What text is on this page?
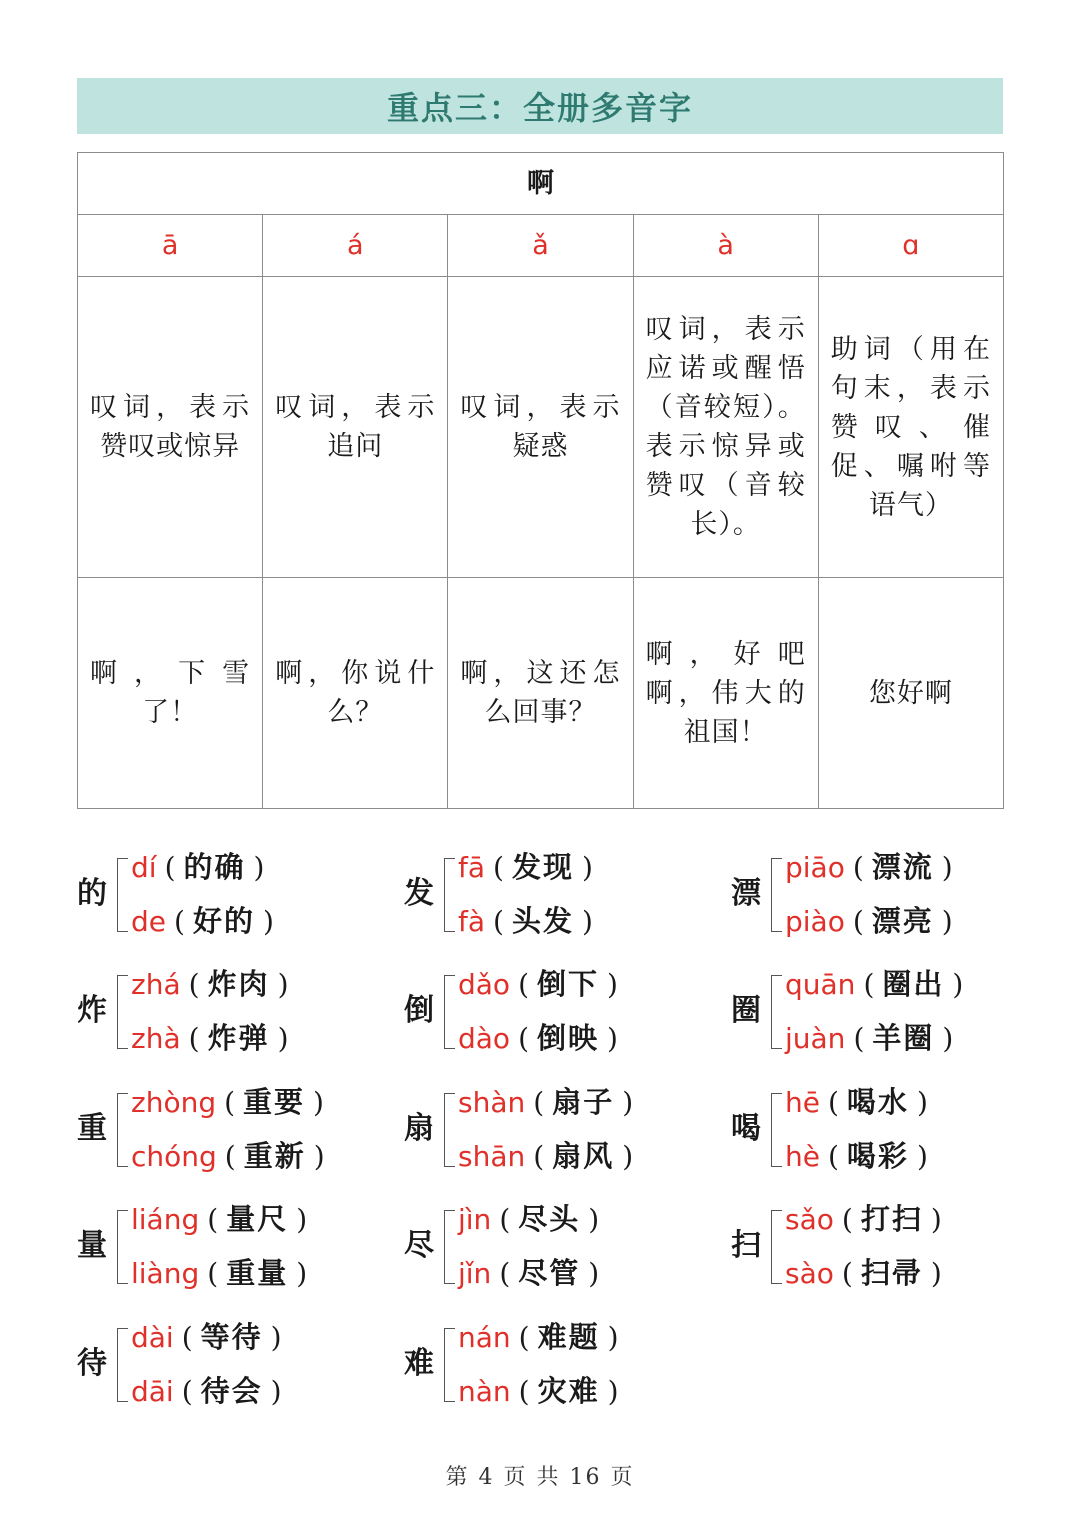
重点三：全册多音字
啊				
ā	á	ǎ	à	ɑ
叹词，表示赞叹或惊异	叹词，表示追问	叹词，表示疑惑	叹词，表示应诺或醒悟（音较短）。表示惊异或赞叹（音较长）。	助词（用在句末，表示赞叹、催促、嘱咐等语气）
啊，下雪了！	啊，你说什么？	啊，这还怎么回事？	啊，好吧啊，伟大的祖国！	您好啊
的
dí ( 的确 )
de ( 好的 )
发
fā ( 发现 )
fà ( 头发 )
漂
piāo ( 漂流 )
piào ( 漂亮 )
炸
zhá ( 炸肉 )
zhà ( 炸弹 )
倒
dǎo ( 倒下 )
dào ( 倒映 )
圈
quān ( 圈出 )
juàn ( 羊圈 )
重
zhòng ( 重要 )
chóng ( 重新 )
扇
shàn ( 扇子 )
shān ( 扇风 )
喝
hē ( 喝水 )
hè ( 喝彩 )
量
liáng ( 量尺 )
liàng ( 重量 )
尽
jìn ( 尽头 )
jǐn ( 尽管 )
扫
sǎo ( 打扫 )
sào ( 扫帚 )
待
dài ( 等待 )
dāi ( 待会 )
难
nán ( 难题 )
nàn ( 灾难 )
第 4 页 共 16 页
